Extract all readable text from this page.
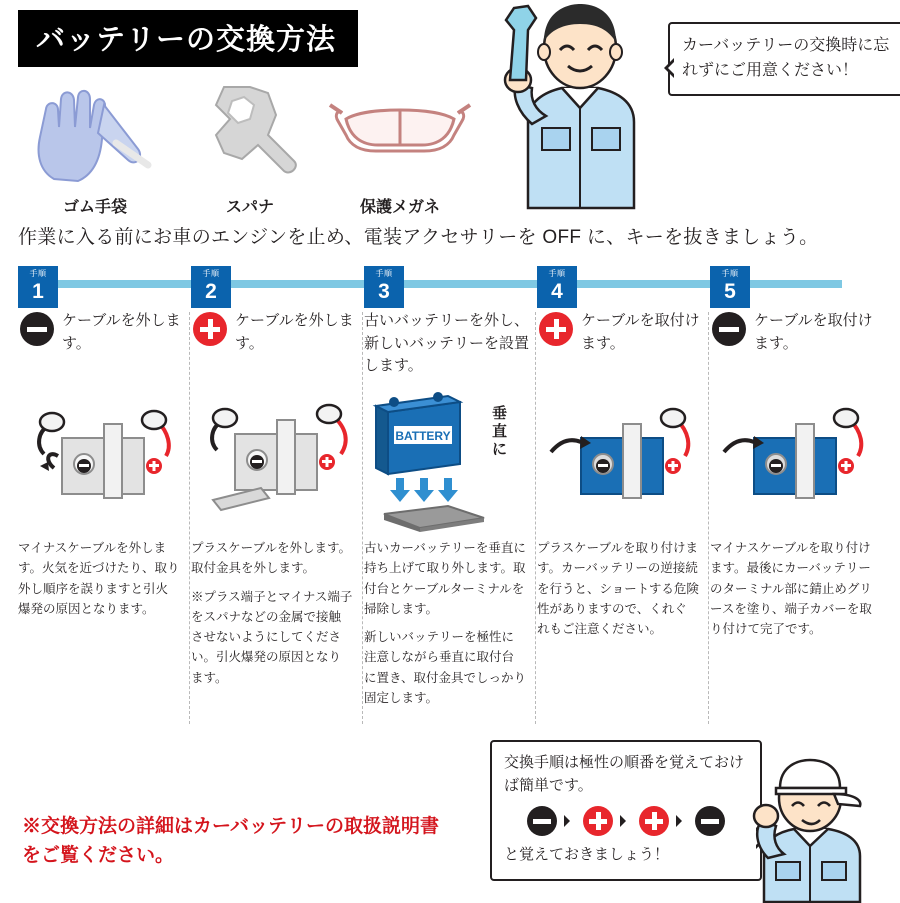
バッテリーの交換方法
ゴム手袋	スパナ	保護メガネ
カーバッテリーの交換時に忘れずにご用意ください！
作業に入る前にお車のエンジンを止め、電装アクセサリーを OFF に、キーを抜きましょう。
手順
1
手順
2
手順
3
手順
4
手順
5
ケーブルを外します。

マイナスケーブルを外します。火気を近づけたり、取り外し順序を誤りますと引火爆発の原因となります。

ケーブルを外します。

プラスケーブルを外します。取付金具を外します。

※プラス端子とマイナス端子をスパナなどの金属で接触させないようにしてください。引火爆発の原因となります。

古いバッテリーを外し、新しいバッテリーを設置します。
BATTERY
垂
直
に

古いカーバッテリーを垂直に持ち上げて取り外します。取付台とケーブルターミナルを掃除します。

新しいバッテリーを極性に注意しながら垂直に取付台に置き、取付金具でしっかり固定します。

ケーブルを取付けます。

プラスケーブルを取り付けます。カーバッテリーの逆接続を行うと、ショートする危険性がありますので、くれぐれもご注意ください。

ケーブルを取付けます。

マイナスケーブルを取り付けます。最後にカーバッテリーのターミナル部に錆止めグリースを塗り、端子カバーを取り付けて完了です。

交換手順は極性の順番を覚えておけば簡単です。
と覚えておきましょう！
※交換方法の詳細はカーバッテリーの取扱説明書をご覧ください。
